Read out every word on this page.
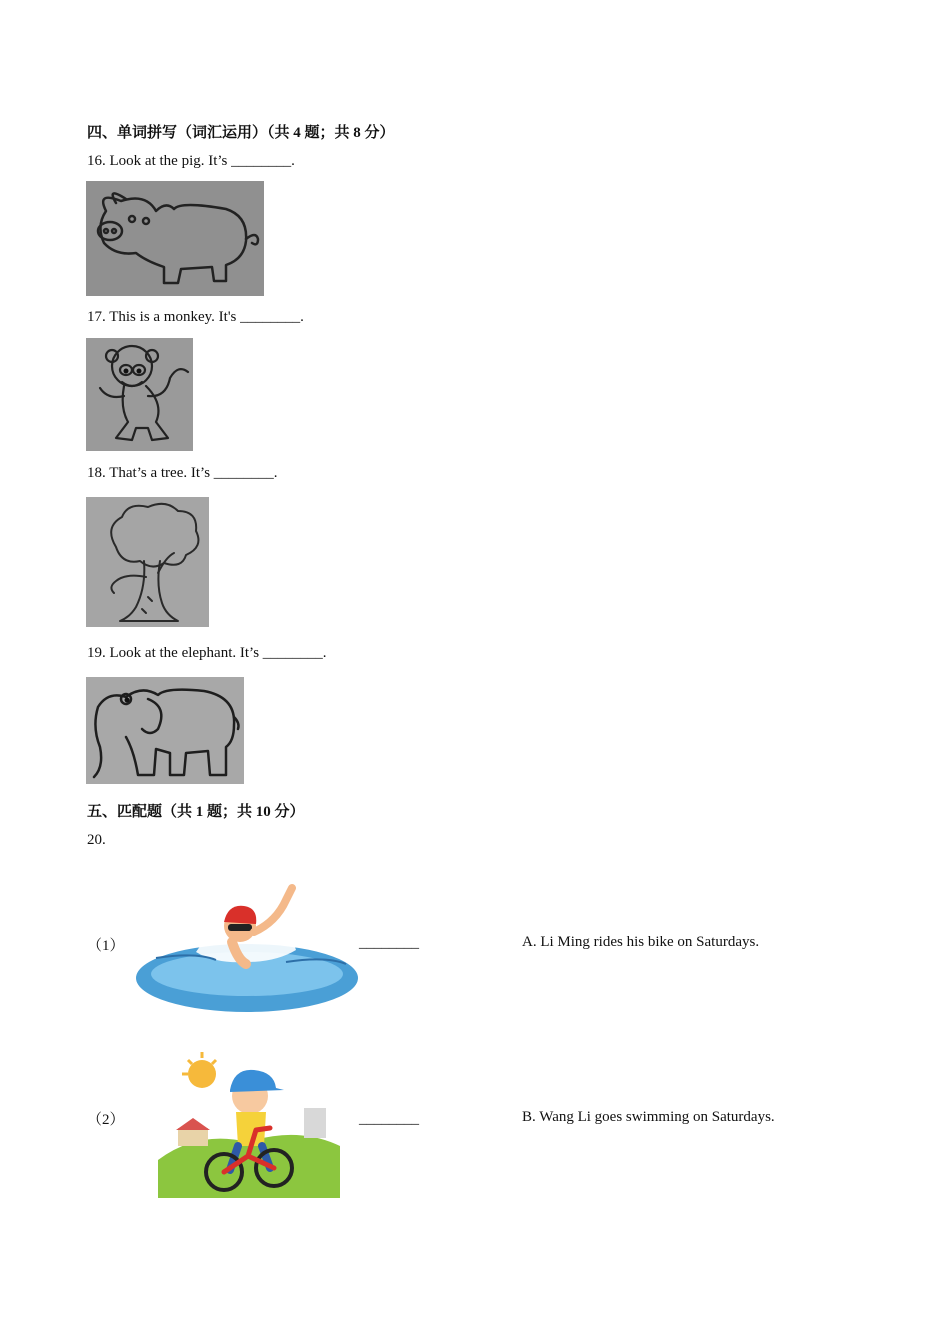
四、单词拼写（词汇运用）（共 4 题；共 8 分）
16. Look at the pig. It’s ________.
17. This is a monkey. It's ________.
18. That’s a tree. It’s ________.
19. Look at the elephant. It’s ________.
五、匹配题（共 1 题；共 10 分）
20.
（1）	________	A. Li Ming rides his bike on Saturdays.
（2）	________	B. Wang Li goes swimming on Saturdays.
